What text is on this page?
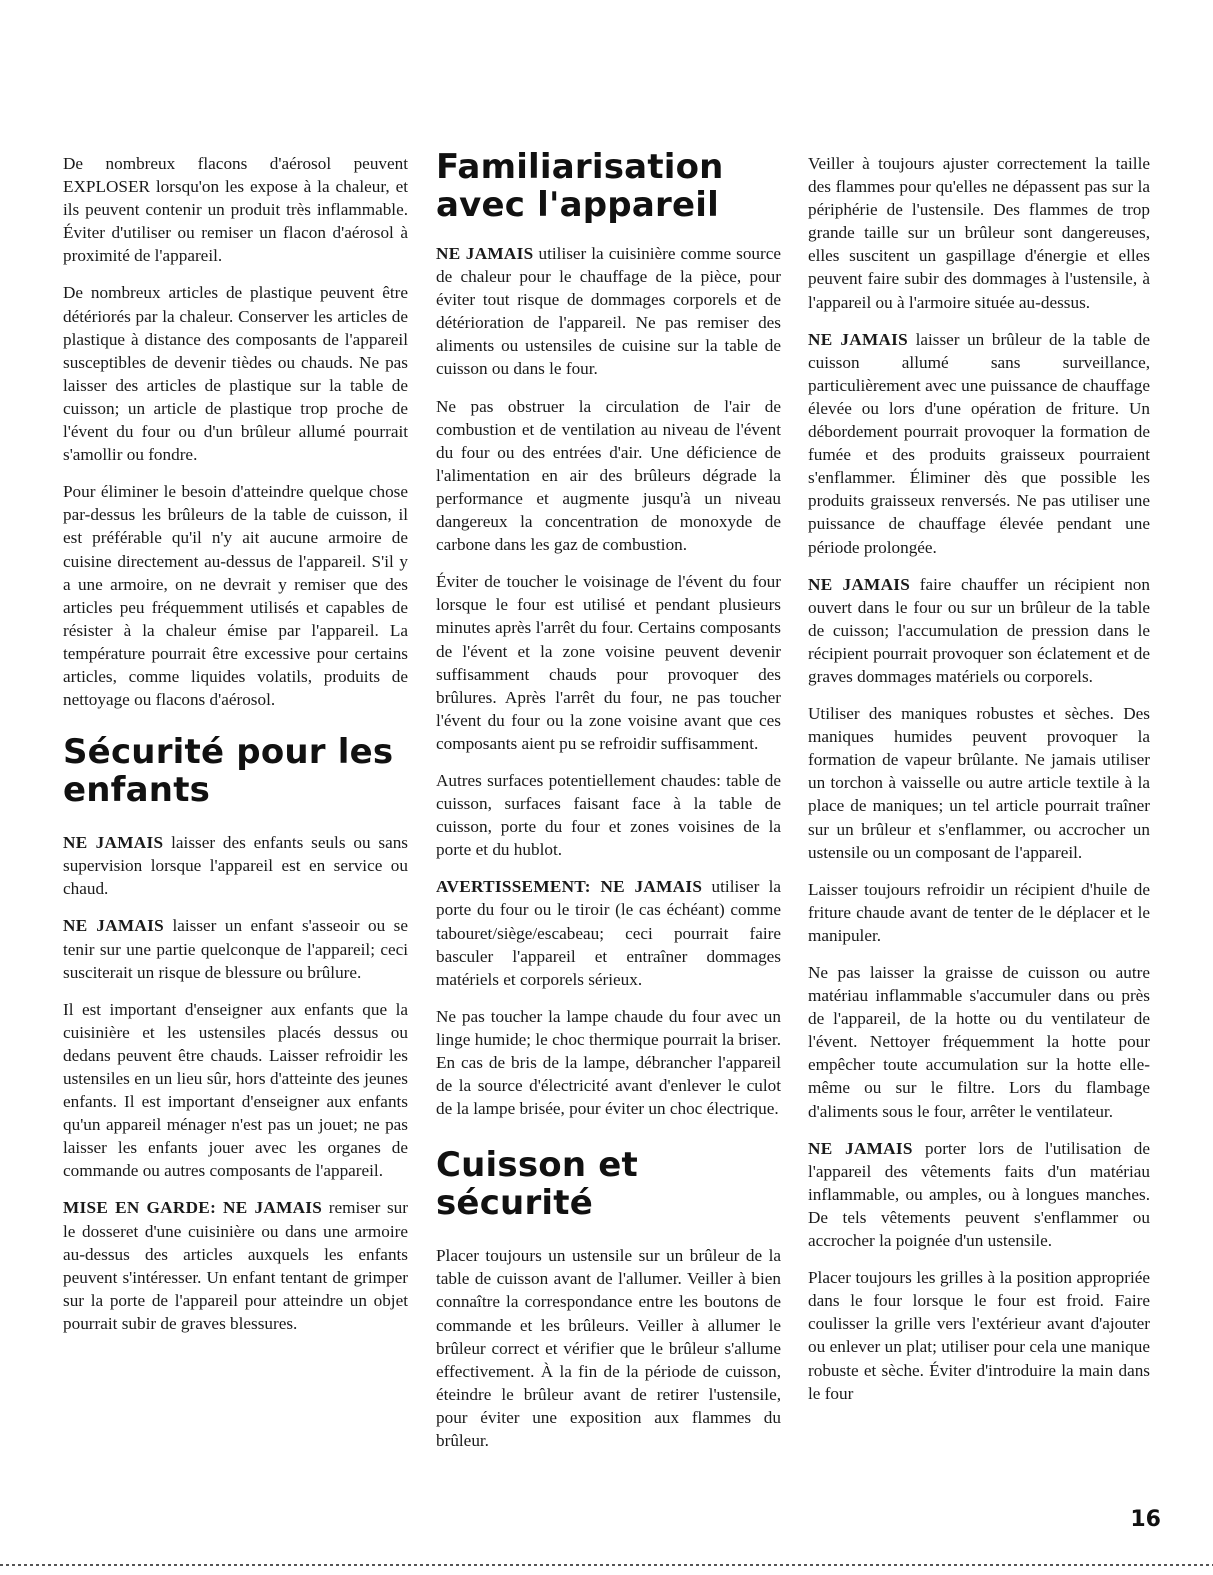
De nombreux flacons d'aérosol peuvent EXPLOSER lorsqu'on les expose à la chaleur, et ils peuvent contenir un produit très inflammable. Éviter d'utiliser ou remiser un flacon d'aérosol à proximité de l'appareil.

De nombreux articles de plastique peuvent être détériorés par la chaleur. Conserver les articles de plastique à distance des composants de l'appareil susceptibles de devenir tièdes ou chauds. Ne pas laisser des articles de plastique sur la table de cuisson; un article de plastique trop proche de l'évent du four ou d'un brûleur allumé pourrait s'amollir ou fondre.

Pour éliminer le besoin d'atteindre quelque chose par-dessus les brûleurs de la table de cuisson, il est préférable qu'il n'y ait aucune armoire de cuisine directement au-dessus de l'appareil. S'il y a une armoire, on ne devrait y remiser que des articles peu fréquemment utilisés et capables de résister à la chaleur émise par l'appareil. La température pourrait être excessive pour certains articles, comme liquides volatils, produits de nettoyage ou flacons d'aérosol.

Sécurité pour les enfants

NE JAMAIS laisser des enfants seuls ou sans supervision lorsque l'appareil est en service ou chaud.

NE JAMAIS laisser un enfant s'asseoir ou se tenir sur une partie quelconque de l'appareil; ceci susciterait un risque de blessure ou brûlure.

Il est important d'enseigner aux enfants que la cuisinière et les ustensiles placés dessus ou dedans peuvent être chauds. Laisser refroidir les ustensiles en un lieu sûr, hors d'atteinte des jeunes enfants. Il est important d'enseigner aux enfants qu'un appareil ménager n'est pas un jouet; ne pas laisser les enfants jouer avec les organes de commande ou autres composants de l'appareil.

MISE EN GARDE: NE JAMAIS remiser sur le dosseret d'une cuisinière ou dans une armoire au-dessus des articles auxquels les enfants peuvent s'intéresser. Un enfant tentant de grimper sur la porte de l'appareil pour atteindre un objet pourrait subir de graves blessures.

Familiarisation avec l'appareil

NE JAMAIS utiliser la cuisinière comme source de chaleur pour le chauffage de la pièce, pour éviter tout risque de dommages corporels et de détérioration de l'appareil. Ne pas remiser des aliments ou ustensiles de cuisine sur la table de cuisson ou dans le four.

Ne pas obstruer la circulation de l'air de combustion et de ventilation au niveau de l'évent du four ou des entrées d'air. Une déficience de l'alimentation en air des brûleurs dégrade la performance et augmente jusqu'à un niveau dangereux la concentration de monoxyde de carbone dans les gaz de combustion.

Éviter de toucher le voisinage de l'évent du four lorsque le four est utilisé et pendant plusieurs minutes après l'arrêt du four. Certains composants de l'évent et la zone voisine peuvent devenir suffisamment chauds pour provoquer des brûlures. Après l'arrêt du four, ne pas toucher l'évent du four ou la zone voisine avant que ces composants aient pu se refroidir suffisamment.

Autres surfaces potentiellement chaudes: table de cuisson, surfaces faisant face à la table de cuisson, porte du four et zones voisines de la porte et du hublot.

AVERTISSEMENT: NE JAMAIS utiliser la porte du four ou le tiroir (le cas échéant) comme tabouret/siège/escabeau; ceci pourrait faire basculer l'appareil et entraîner dommages matériels et corporels sérieux.

Ne pas toucher la lampe chaude du four avec un linge humide; le choc thermique pourrait la briser. En cas de bris de la lampe, débrancher l'appareil de la source d'électricité avant d'enlever le culot de la lampe brisée, pour éviter un choc électrique.

Cuisson et sécurité

Placer toujours un ustensile sur un brûleur de la table de cuisson avant de l'allumer. Veiller à bien connaître la correspondance entre les boutons de commande et les brûleurs. Veiller à allumer le brûleur correct et vérifier que le brûleur s'allume effectivement. À la fin de la période de cuisson, éteindre le brûleur avant de retirer l'ustensile, pour éviter une exposition aux flammes du brûleur.

Veiller à toujours ajuster correctement la taille des flammes pour qu'elles ne dépassent pas sur la périphérie de l'ustensile. Des flammes de trop grande taille sur un brûleur sont dangereuses, elles suscitent un gaspillage d'énergie et elles peuvent faire subir des dommages à l'ustensile, à l'appareil ou à l'armoire située au-dessus.

NE JAMAIS laisser un brûleur de la table de cuisson allumé sans surveillance, particulièrement avec une puissance de chauffage élevée ou lors d'une opération de friture. Un débordement pourrait provoquer la formation de fumée et des produits graisseux pourraient s'enflammer. Éliminer dès que possible les produits graisseux renversés. Ne pas utiliser une puissance de chauffage élevée pendant une période prolongée.

NE JAMAIS faire chauffer un récipient non ouvert dans le four ou sur un brûleur de la table de cuisson; l'accumulation de pression dans le récipient pourrait provoquer son éclatement et de graves dommages matériels ou corporels.

Utiliser des maniques robustes et sèches. Des maniques humides peuvent provoquer la formation de vapeur brûlante. Ne jamais utiliser un torchon à vaisselle ou autre article textile à la place de maniques; un tel article pourrait traîner sur un brûleur et s'enflammer, ou accrocher un ustensile ou un composant de l'appareil.

Laisser toujours refroidir un récipient d'huile de friture chaude avant de tenter de le déplacer et le manipuler.

Ne pas laisser la graisse de cuisson ou autre matériau inflammable s'accumuler dans ou près de l'appareil, de la hotte ou du ventilateur de l'évent. Nettoyer fréquemment la hotte pour empêcher toute accumulation sur la hotte elle-même ou sur le filtre. Lors du flambage d'aliments sous le four, arrêter le ventilateur.

NE JAMAIS porter lors de l'utilisation de l'appareil des vêtements faits d'un matériau inflammable, ou amples, ou à longues manches. De tels vêtements peuvent s'enflammer ou accrocher la poignée d'un ustensile.

Placer toujours les grilles à la position appropriée dans le four lorsque le four est froid. Faire coulisser la grille vers l'extérieur avant d'ajouter ou enlever un plat; utiliser pour cela une manique robuste et sèche. Éviter d'introduire la main dans le four

16
